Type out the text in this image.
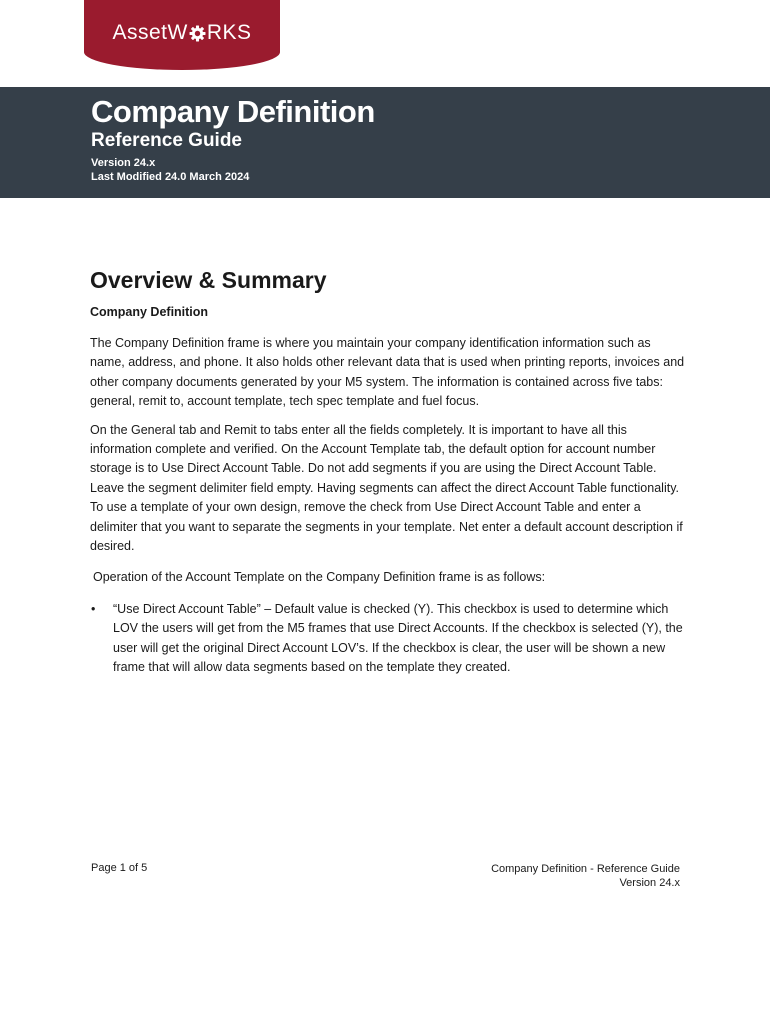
AssetW RKS
Company Definition
Reference Guide
Version 24.x
Last Modified 24.0 March 2024
Overview & Summary
Company Definition

The Company Definition frame is where you maintain your company identification information such as name, address, and phone. It also holds other relevant data that is used when printing reports, invoices and other company documents generated by your M5 system. The information is contained across five tabs: general, remit to, account template, tech spec template and fuel focus.

On the General tab and Remit to tabs enter all the fields completely. It is important to have all this information complete and verified. On the Account Template tab, the default option for account number storage is to Use Direct Account Table. Do not add segments if you are using the Direct Account Table. Leave the segment delimiter field empty. Having segments can affect the direct Account Table functionality. To use a template of your own design, remove the check from Use Direct Account Table and enter a delimiter that you want to separate the segments in your template. Net enter a default account description if desired.

Operation of the Account Template on the Company Definition frame is as follows:

• “Use Direct Account Table” – Default value is checked (Y). This checkbox is used to determine which LOV the users will get from the M5 frames that use Direct Accounts. If the checkbox is selected (Y), the user will get the original Direct Account LOV’s. If the checkbox is clear, the user will be shown a new frame that will allow data segments based on the template they created.
Page 1 of 5	Company Definition - Reference Guide
Version 24.x
